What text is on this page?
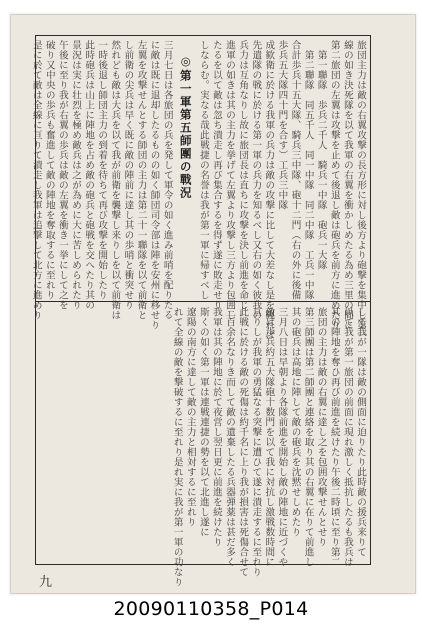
旅団主力は敵の右翼攻撃の長方形に対し後方より砲撃を集中し第一
線の如き決死隊を以て我軍の右翼を衝かしめたる為め三里の間に
第二旅団の左翼は攻撃を止めて後退し敵は砲兵を前方に進めたり
　第一聯隊　歩兵二千人　騎兵一中隊　砲兵一大隊
　第二聯隊　同五千人　同一中隊　同二中隊　工兵一中隊
合計歩兵十五大隊、騎兵三中隊、砲十二門（右の外に後備
歩兵五大隊四十門を合す）工兵三中隊
成歓衛に於ける我軍の兵力は敵の攻撃に比して大差なし是を観れば
先遣隊の戦に於ける第一軍の兵力を知るべし又右の如く彼我の
兵力は互角なりし故に旅団長は直ちに攻撃を決し前進を命じ
進軍の如きは其の主力を挙げて左翼より攻撃し三方より包囲し
たるを以て敵は忽ち潰走し再び集合するを得ず遂に敗走せり
しならむ。実なる哉此戦捷の名誉は我が第一軍に帰すべし
◎第一軍第五師團の戰況
三月七日は各旅団の兵を発して軍令の如く進み前哨を配りたる
に敵は既に退却したるものの如く師団司令部は陣を安州に移せり
左翼を攻撃せんとする師団の主力は第二十一聯隊を以て前衛と
し前衛の尖兵は早く既に敵の陣前に達し其の歩哨と衝突せり
然れども敵は大兵を以て我が前衛を襲撃し来りしを以て前衛は
一時後退し師団主力の到着を待ちて再び攻撃を開始したり
此時砲兵は山上に陣地を占め敵の砲兵と砲戦を交へたり其の
景況は実に壮烈を極め敵兵は之が為めに大に苦しめられたり
午後に至り我が右翼の歩兵は敵の左翼を衝き一挙にして之を
破り又中央の歩兵も奮進して敵の陣地を奪取するに至れり
是に於て敵は全線に亘りて潰走し我軍は追撃して北方に進めり
して我が一隊は敵の側面に迫りたり此時敵の援兵来りて
以て我が第一旅団の前面に現れ激しく抵抗したるも我兵は
其の陣地を奪ひ再び前進を続けたり午後二時頃に至り第二
旅団の主力は敵の右翼に達し之を包囲攻撃せんとせり
第三師團は第二師團と連絡を取り其の右翼に在りて前進し
其の砲兵は高地に陣して敵の砲兵を沈黙せしめたり
三月八日は早朝より各隊前進を開始し敵の陣地に近づくや
敵は歩兵約五大隊砲十数門を以て我に対抗し激戦数時間に
亘りしが我軍の勇猛なる突撃に遭ひて遂に潰走するに至れり
此戦に於ける敵の死傷は約千名に上り我が損害は死傷合せて
三百余名なりき而して敵の遺棄したる兵器弾薬は甚だ多く
我軍は其の陣地に於て夜営し翌日更に前進を続けたり
斯くの如く第一軍は連戦連捷の勢を以て北進し遂に
遼陽の南方に達して敵の主力と相対するに至れり
れて全線の敵を撃破するに至れり是れ実に我が第一軍の功なり
九
20090110358_P014
